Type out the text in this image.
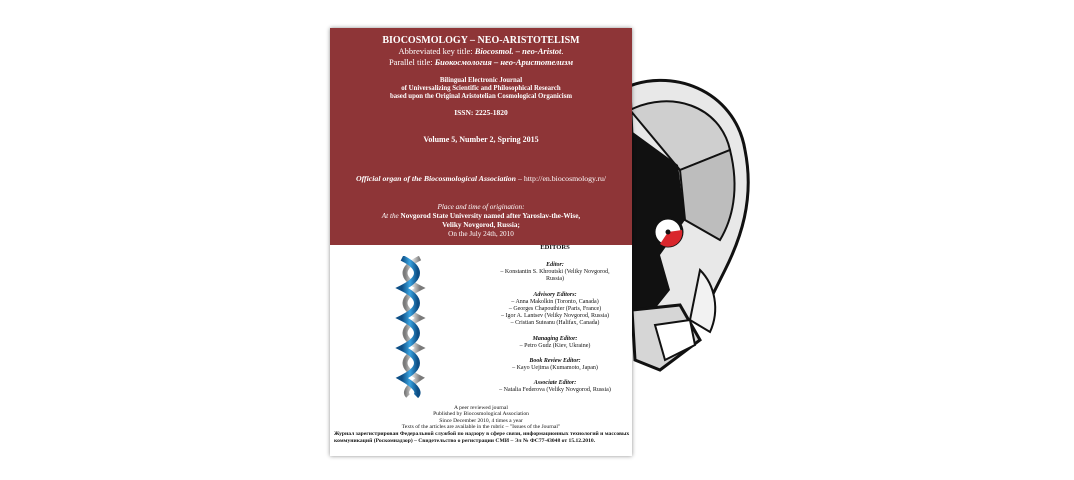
BIOCOSMOLOGY – NEO-ARISTOTELISM
Abbreviated key title: Biocosmol. – neo-Aristot.
Parallel title: Биокосмология – нео-Аристотелизм
Bilingual Electronic Journal
of Universalizing Scientific and Philosophical Research
based upon the Original Aristotelian Cosmological Organicism
ISSN: 2225-1820
Volume 5, Number 2, Spring 2015
Official organ of the Biocosmological Association – http://en.biocosmology.ru/
Place and time of origination:
At the Novgorod State University named after Yaroslav-the-Wise,
Veliky Novgorod, Russia;
On the July 24th, 2010
EDITORS
Editor:
– Konstantin S. Khroutski (Veliky Novgorod,
Russia)
Advisory Editors:
– Anna Makolkin (Toronto, Canada)
– Georges Chapouthier (Paris, France)
– Igor A. Lantsev (Veliky Novgorod, Russia)
– Cristian Suteanu (Halifax, Canada)
Managing Editor:
– Petro Gudz (Kiev, Ukraine)
Book Review Editor:
– Kayo Uejima (Kumamoto, Japan)
Associate Editor:
– Natalia Federova (Veliky Novgorod, Russia)
A peer reviewed journal
Published by Biocosmological Association
Since December 2010, 4 times a year
Texts of the articles are available in the rubric – "Issues of the Journal"
Журнал зарегистрирован Федеральной службой по надзору в сфере связи, информационных технологий и массовых коммуникаций (Роскомнадзор) – Свидетельство о регистрации СМИ – Эл № ФС77-43048 от 15.12.2010.
